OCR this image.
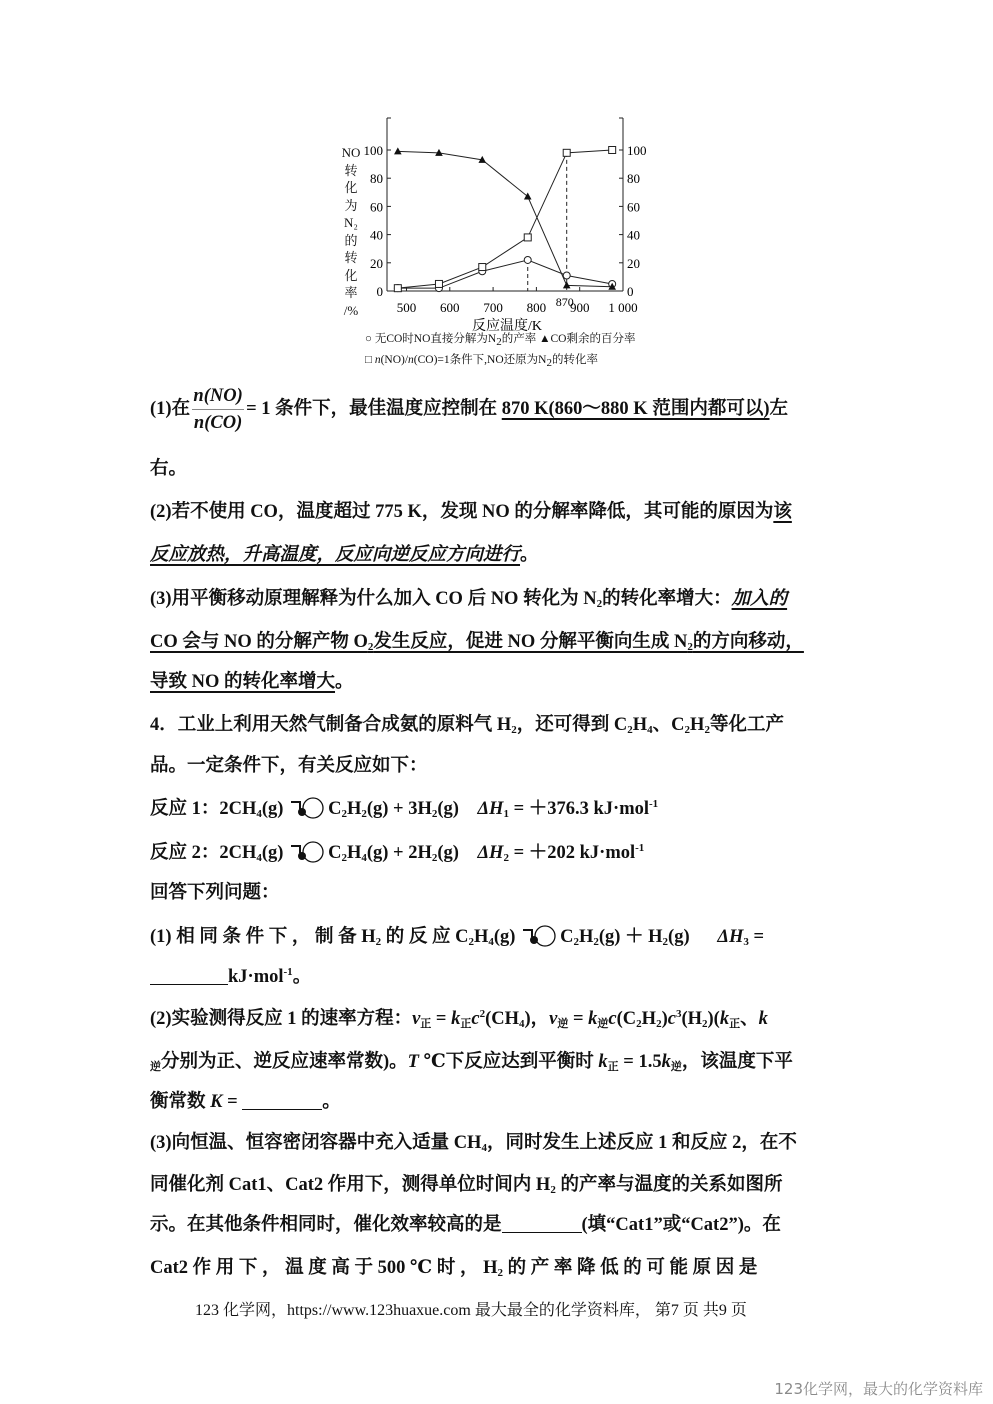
0	0
20	20
40	40
60	60
80	80
100	100
500 600 700 800 900 1 000
870
反应温度/K
NO
转
化
为
N₂
的
转
化
率
/%
○ 无CO时NO直接分解为$N_2$的产率 ▲CO剩余的百分率
□ n(NO)/n(CO)=1条件下,NO还原为$N_2$的转化率
(1)在 $\frac{n(NO)}{n(CO)} = 1$ 条件下，最佳温度应控制在 870 K(860～880 K 范围内都可以)左
右。
(2)若不使用 CO，温度超过 775 K，发现 NO 的分解率降低，其可能的原因为该
反应放热，升高温度，反应向逆反应方向进行。
(3)用平衡移动原理解释为什么加入 CO 后 NO 转化为 $N_2$的转化率增大：加入的
CO 会与 NO 的分解产物 $O_2$发生反应，促进 NO 分解平衡向生成 $N_2$的方向移动，
导致 NO 的转化率增大。
4．工业上利用天然气制备合成氨的原料气 $H_2$，还可得到 $C_2H_4$、$C_2H_2$等化工产
品。一定条件下，有关反应如下：
反应 1：$2CH_4(g) C_2H_2(g) + 3H_2(g) \Delta H_1 = +376.3$ kJ·mol$^{-1}$
反应 2：$2CH_4(g) C_2H_4(g) + 2H_2(g) \Delta H_2 = +202$ kJ·mol$^{-1}$
回答下列问题：
(1) 相 同 条 件 下 ， 制 备 $H_2$ 的 反 应 $C_2H_4(g) C_2H_2(g) + H_2(g) \Delta H_3$ =
kJ·mol$^{-1}$。
(2)实验测得反应 1 的速率方程：v正 = k正$c^2(CH_4)$，v逆 = k逆$c(C_2H_2)c^3(H_2)(k$正、k
逆分别为正、逆反应速率常数)。T ℃下反应达到平衡时 k正 = 1.5k逆，该温度下平
衡常数 K =	。
(3)向恒温、恒容密闭容器中充入适量 $CH_4$，同时发生上述反应 1 和反应 2，在不
同催化剂 Cat1、Cat2 作用下，测得单位时间内 $H_2$ 的产率与温度的关系如图所
示。在其他条件相同时，催化效率较高的是	(填“Cat1”或“Cat2”)。在
Cat2 作 用 下 ， 温 度 高 于 500 ℃ 时 ， $H_2$ 的 产 率 降 低 的 可 能 原 因 是
123 化学网，https://www.123huaxue.com 最大最全的化学资料库， 第7 页 共9 页
123化学网，最大的化学资料库
